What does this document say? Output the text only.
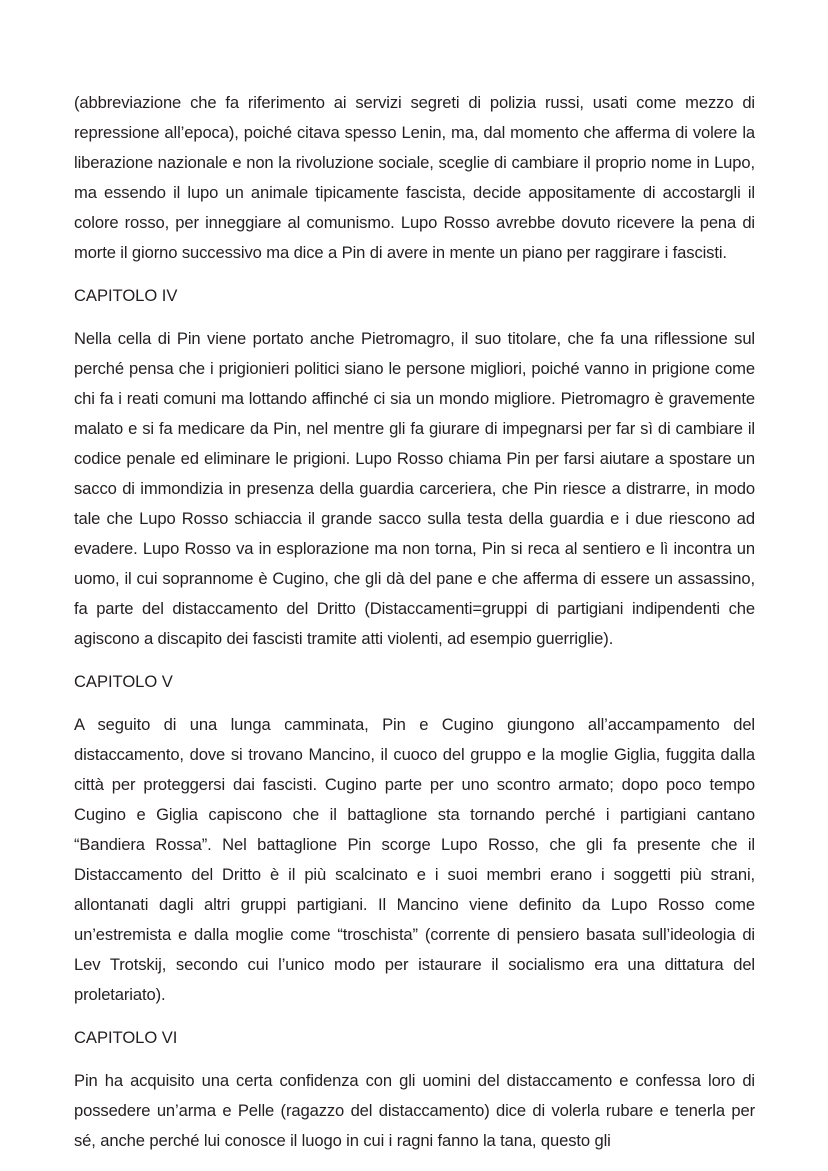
(abbreviazione che fa riferimento ai servizi segreti di polizia russi, usati come mezzo di repressione all’epoca), poiché citava spesso Lenin, ma, dal momento che afferma di volere la liberazione nazionale e non la rivoluzione sociale, sceglie di cambiare il proprio nome in Lupo, ma essendo il lupo un animale tipicamente fascista, decide appositamente di accostargli il colore rosso, per inneggiare al comunismo. Lupo Rosso avrebbe dovuto ricevere la pena di morte il giorno successivo ma dice a Pin di avere in mente un piano per raggirare i fascisti.

CAPITOLO IV

Nella cella di Pin viene portato anche Pietromagro, il suo titolare, che fa una riflessione sul perché pensa che i prigionieri politici siano le persone migliori, poiché vanno in prigione come chi fa i reati comuni ma lottando affinché ci sia un mondo migliore. Pietromagro è gravemente malato e si fa medicare da Pin, nel mentre gli fa giurare di impegnarsi per far sì di cambiare il codice penale ed eliminare le prigioni. Lupo Rosso chiama Pin per farsi aiutare a spostare un sacco di immondizia in presenza della guardia carceriera, che Pin riesce a distrarre, in modo tale che Lupo Rosso schiaccia il grande sacco sulla testa della guardia e i due riescono ad evadere. Lupo Rosso va in esplorazione ma non torna, Pin si reca al sentiero e lì incontra un uomo, il cui soprannome è Cugino, che gli dà del pane e che afferma di essere un assassino, fa parte del distaccamento del Dritto (Distaccamenti=gruppi di partigiani indipendenti che agiscono a discapito dei fascisti tramite atti violenti, ad esempio guerriglie).

CAPITOLO V

A seguito di una lunga camminata, Pin e Cugino giungono all’accampamento del distaccamento, dove si trovano Mancino, il cuoco del gruppo e la moglie Giglia, fuggita dalla città per proteggersi dai fascisti. Cugino parte per uno scontro armato; dopo poco tempo Cugino e Giglia capiscono che il battaglione sta tornando perché i partigiani cantano “Bandiera Rossa”. Nel battaglione Pin scorge Lupo Rosso, che gli fa presente che il Distaccamento del Dritto è il più scalcinato e i suoi membri erano i soggetti più strani, allontanati dagli altri gruppi partigiani. Il Mancino viene definito da Lupo Rosso come un’estremista e dalla moglie come “troschista” (corrente di pensiero basata sull’ideologia di Lev Trotskij, secondo cui l’unico modo per istaurare il socialismo era una dittatura del proletariato).

CAPITOLO VI

Pin ha acquisito una certa confidenza con gli uomini del distaccamento e confessa loro di possedere un’arma e Pelle (ragazzo del distaccamento) dice di volerla rubare e tenerla per sé, anche perché lui conosce il luogo in cui i ragni fanno la tana, questo gli
